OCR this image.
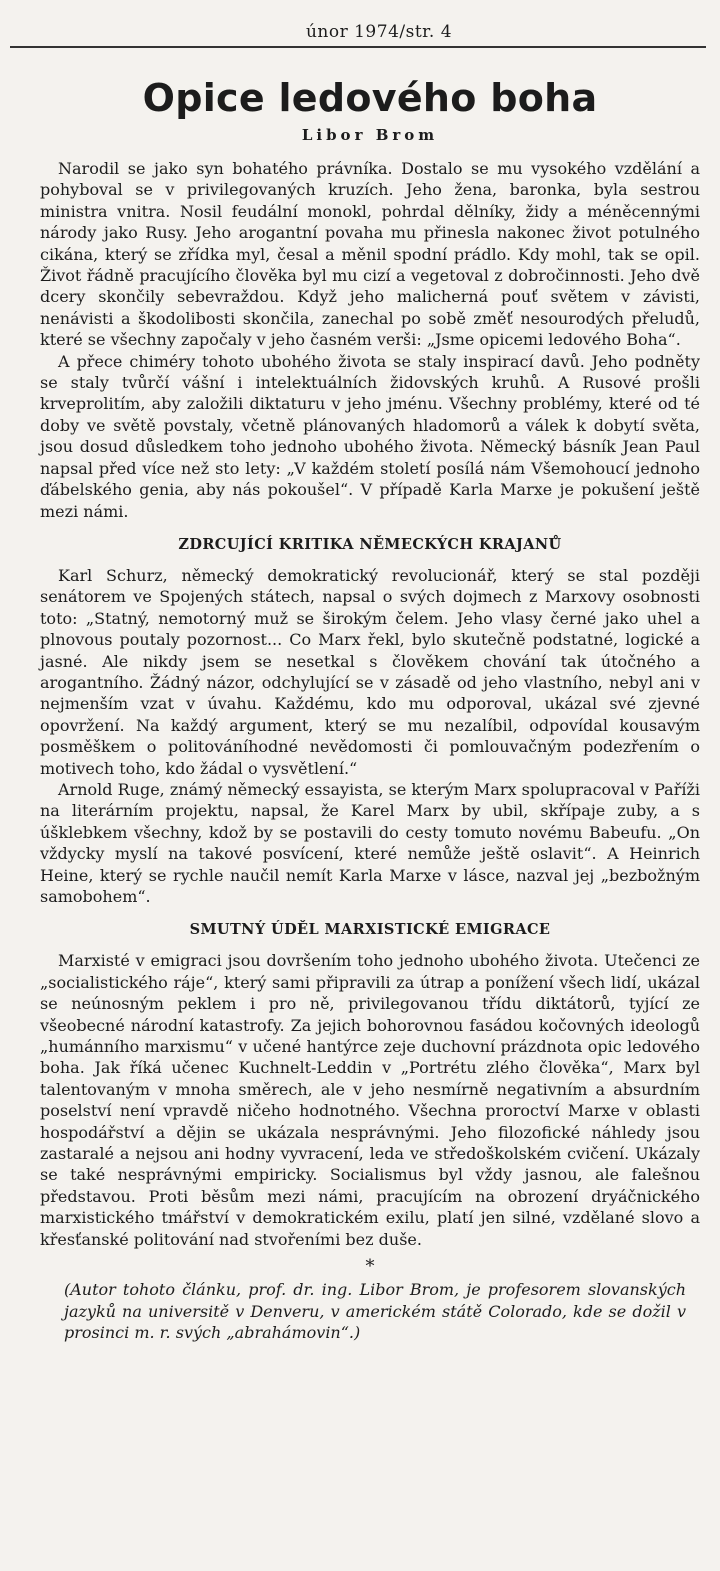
únor 1974/str. 4
Opice ledového boha
Libor Brom

Narodil se jako syn bohatého právníka. Dostalo se mu vysokého vzdělání a pohyboval se v privilegovaných kruzích. Jeho žena, baronka, byla sestrou ministra vnitra. Nosil feudální monokl, pohrdal dělníky, židy a méněcennými národy jako Rusy. Jeho arogantní povaha mu přinesla nakonec život potulného cikána, který se zřídka myl, česal a měnil spodní prádlo. Kdy mohl, tak se opil. Život řádně pracujícího člověka byl mu cizí a vegetoval z dobročinnosti. Jeho dvě dcery skončily sebevraždou. Když jeho malicherná pouť světem v závisti, nenávisti a škodolibosti skončila, zanechal po sobě změť nesourodých přeludů, které se všechny započaly v jeho časném verši: „Jsme opicemi ledového Boha“.

A přece chiméry tohoto ubohého života se staly inspirací davů. Jeho podněty se staly tvůrčí vášní i intelektuálních židovských kruhů. A Rusové prošli krveprolitím, aby založili diktaturu v jeho jménu. Všechny problémy, které od té doby ve světě povstaly, včetně plánovaných hladomorů a válek k dobytí světa, jsou dosud důsledkem toho jednoho ubohého života. Německý básník Jean Paul napsal před více než sto lety: „V každém století posílá nám Všemohoucí jednoho ďábelského genia, aby nás pokoušel“. V případě Karla Marxe je pokušení ještě mezi námi.

ZDRCUJÍCÍ KRITIKA NĚMECKÝCH KRAJANŮ

Karl Schurz, německý demokratický revolucionář, který se stal později senátorem ve Spojených státech, napsal o svých dojmech z Marxovy osobnosti toto: „Statný, nemotorný muž se širokým čelem. Jeho vlasy černé jako uhel a plnovous poutaly pozornost... Co Marx řekl, bylo skutečně podstatné, logické a jasné. Ale nikdy jsem se nesetkal s člověkem chování tak útočného a arogantního. Žádný názor, odchylující se v zásadě od jeho vlastního, nebyl ani v nejmenším vzat v úvahu. Každému, kdo mu odporoval, ukázal své zjevné opovržení. Na každý argument, který se mu nezalíbil, odpovídal kousavým posměškem o politováníhodné nevědomosti či pomlouvačným podezřením o motivech toho, kdo žádal o vysvětlení.“

Arnold Ruge, známý německý essayista, se kterým Marx spolupracoval v Paříži na literárním projektu, napsal, že Karel Marx by ubil, skřípaje zuby, a s úšklebkem všechny, kdož by se postavili do cesty tomuto novému Babeufu. „On vždycky myslí na takové posvícení, které nemůže ještě oslavit“. A Heinrich Heine, který se rychle naučil nemít Karla Marxe v lásce, nazval jej „bezbožným samobohem“.

SMUTNÝ ÚDĚL MARXISTICKÉ EMIGRACE

Marxisté v emigraci jsou dovršením toho jednoho ubohého života. Utečenci ze „socialistického ráje“, který sami připravili za útrap a ponížení všech lidí, ukázal se neúnosným peklem i pro ně, privilegovanou třídu diktátorů, tyjící ze všeobecné národní katastrofy. Za jejich bohorovnou fasádou kočovných ideologů „humánního marxismu“ v učené hantýrce zeje duchovní prázdnota opic ledového boha. Jak říká učenec Kuchnelt-Leddin v „Portrétu zlého člověka“, Marx byl talentovaným v mnoha směrech, ale v jeho nesmírně negativním a absurdním poselství není vpravdě ničeho hodnotného. Všechna proroctví Marxe v oblasti hospodářství a dějin se ukázala nesprávnými. Jeho filozofické náhledy jsou zastaralé a nejsou ani hodny vyvracení, leda ve středoškolském cvičení. Ukázaly se také nesprávnými empiricky. Socialismus byl vždy jasnou, ale falešnou představou. Proti běsům mezi námi, pracujícím na obrození dryáčnického marxistického tmářství v demokratickém exilu, platí jen silné, vzdělané slovo a křesťanské politování nad stvořeními bez duše.

*

(Autor tohoto článku, prof. dr. ing. Libor Brom, je profesorem slovanských jazyků na universitě v Denveru, v americkém státě Colorado, kde se dožil v prosinci m. r. svých „abrahámovin“.)
